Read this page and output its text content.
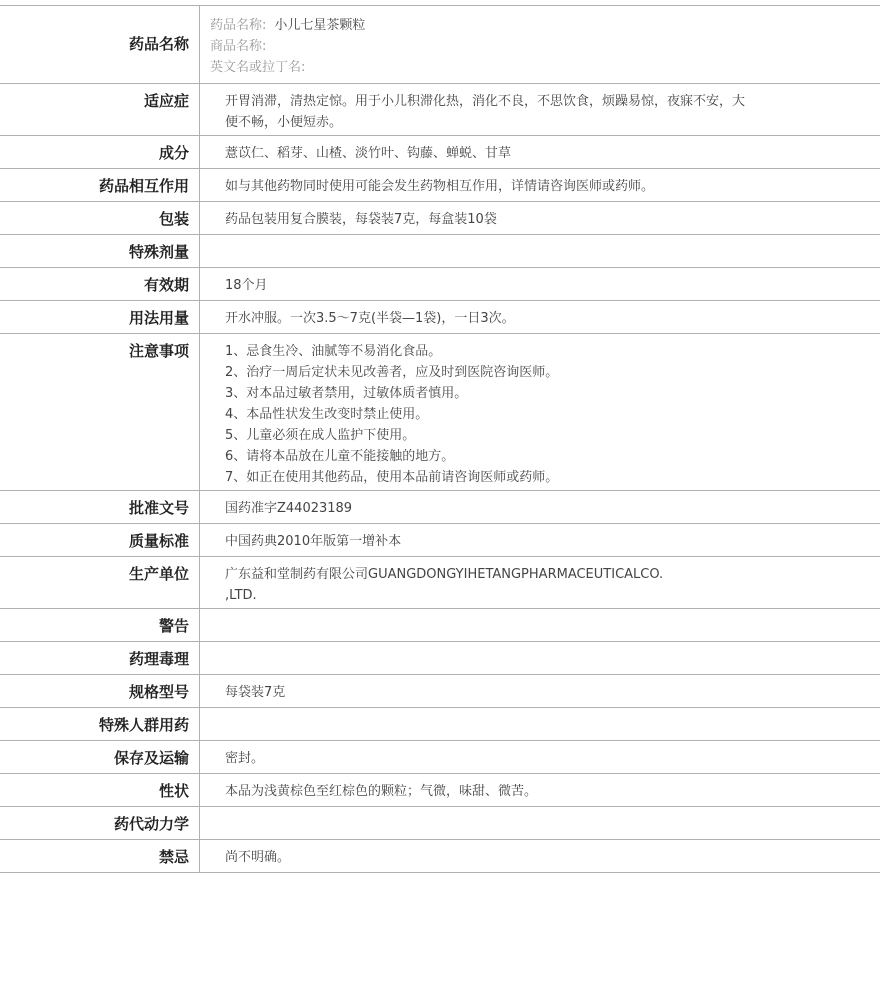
药品名称
药品名称: 小儿七星茶颗粒
商品名称:
英文名或拉丁名:
适应症	开胃消滞，清热定惊。用于小儿积滞化热，消化不良，不思饮食，烦躁易惊，夜寐不安，大
便不畅，小便短赤。
成分	薏苡仁、稻芽、山楂、淡竹叶、钩藤、蝉蜕、甘草
药品相互作用	如与其他药物同时使用可能会发生药物相互作用，详情请咨询医师或药师。
包装	药品包装用复合膜装，每袋装7克，每盒装10袋
特殊剂量
有效期	18个月
用法用量	开水冲服。一次3.5～7克(半袋—1袋)，一日3次。
注意事项	1、忌食生冷、油腻等不易消化食品。
2、治疗一周后定状未见改善者，应及时到医院咨询医师。
3、对本品过敏者禁用，过敏体质者慎用。
4、本品性状发生改变时禁止使用。
5、儿童必须在成人监护下使用。
6、请将本品放在儿童不能接触的地方。
7、如正在使用其他药品，使用本品前请咨询医师或药师。
批准文号	国药准字Z44023189
质量标准	中国药典2010年版第一增补本
生产单位	广东益和堂制药有限公司GUANGDONGYIHETANGPHARMACEUTICALCO.
,LTD.
警告
药理毒理
规格型号	每袋装7克
特殊人群用药
保存及运输	密封。
性状	本品为浅黄棕色至红棕色的颗粒；气微，味甜、微苦。
药代动力学
禁忌	尚不明确。
